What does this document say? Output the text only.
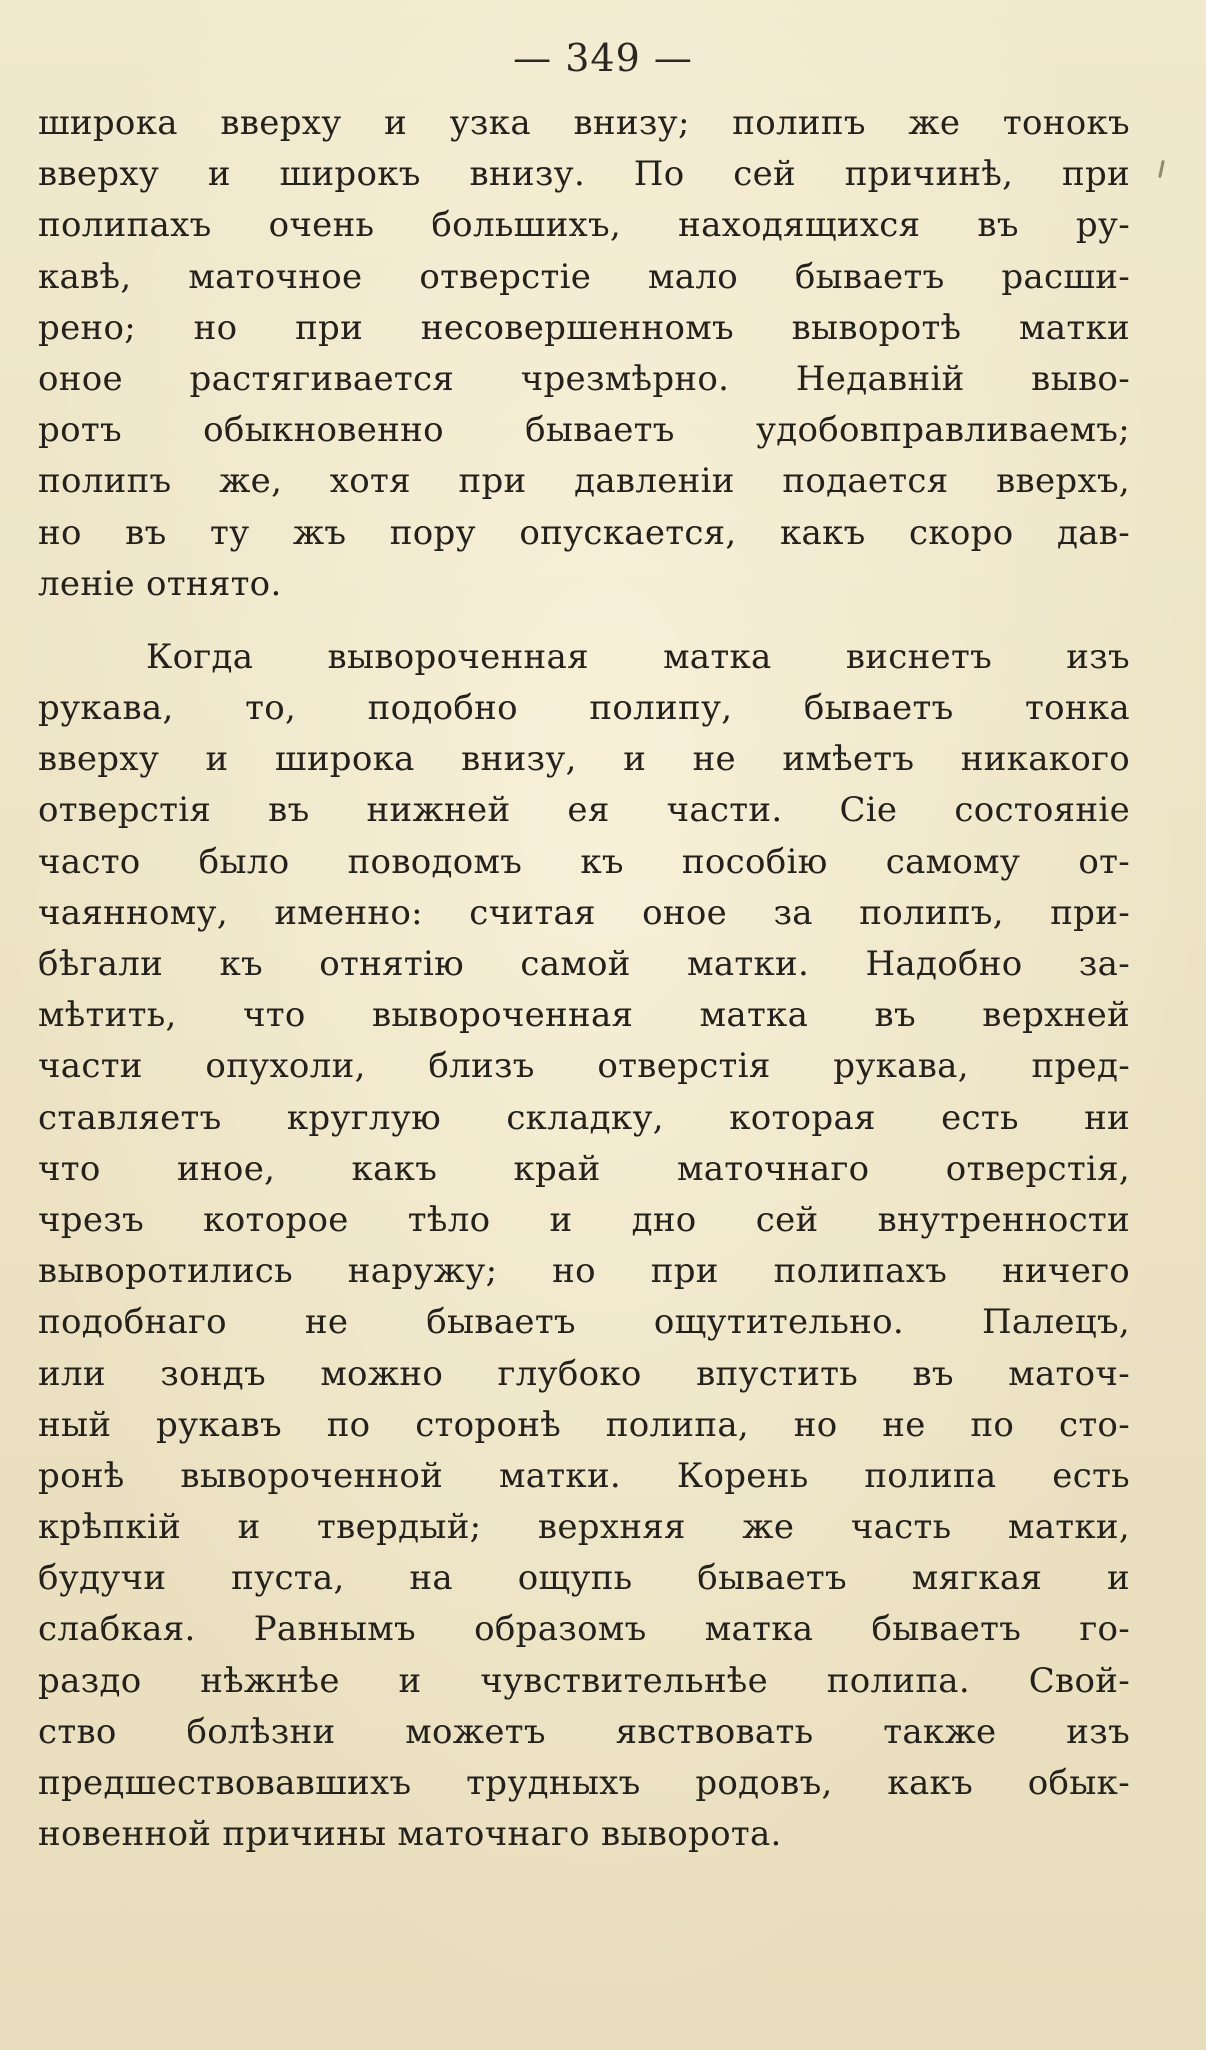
— 349 —
широка вверху и узка внизу; полипъ же тонокъ
вверху и широкъ внизу. По сей причинѣ, при
полипахъ очень большихъ, находящихся въ ру-
кавѣ, маточное отверстіе мало бываетъ расши-
рено; но при несовершенномъ выворотѣ матки
оное растягивается чрезмѣрно. Недавній выво-
ротъ обыкновенно бываетъ удобовправливаемъ;
полипъ же, хотя при давленіи подается вверхъ,
но въ ту жъ пору опускается, какъ скоро дав-
леніе отнято.
Когда вывороченная матка виснетъ изъ
рукава, то, подобно полипу, бываетъ тонка
вверху и широка внизу, и не имѣетъ никакого
отверстія въ нижней ея части. Сіе состояніе
часто было поводомъ къ пособію самому от-
чаянному, именно: считая оное за полипъ, при-
бѣгали къ отнятію самой матки. Надобно за-
мѣтить, что вывороченная матка въ верхней
части опухоли, близъ отверстія рукава, пред-
ставляетъ круглую складку, которая есть ни
что иное, какъ край маточнаго отверстія,
чрезъ которое тѣло и дно сей внутренности
выворотились наружу; но при полипахъ ничего
подобнаго не бываетъ ощутительно. Палецъ,
или зондъ можно глубоко впустить въ маточ-
ный рукавъ по сторонѣ полипа, но не по сто-
ронѣ вывороченной матки. Корень полипа есть
крѣпкій и твердый; верхняя же часть матки,
будучи пуста, на ощупь бываетъ мягкая и
слабкая. Равнымъ образомъ матка бываетъ го-
раздо нѣжнѣе и чувствительнѣе полипа. Свой-
ство болѣзни можетъ явствовать также изъ
предшествовавшихъ трудныхъ родовъ, какъ обык-
новенной причины маточнаго выворота.
